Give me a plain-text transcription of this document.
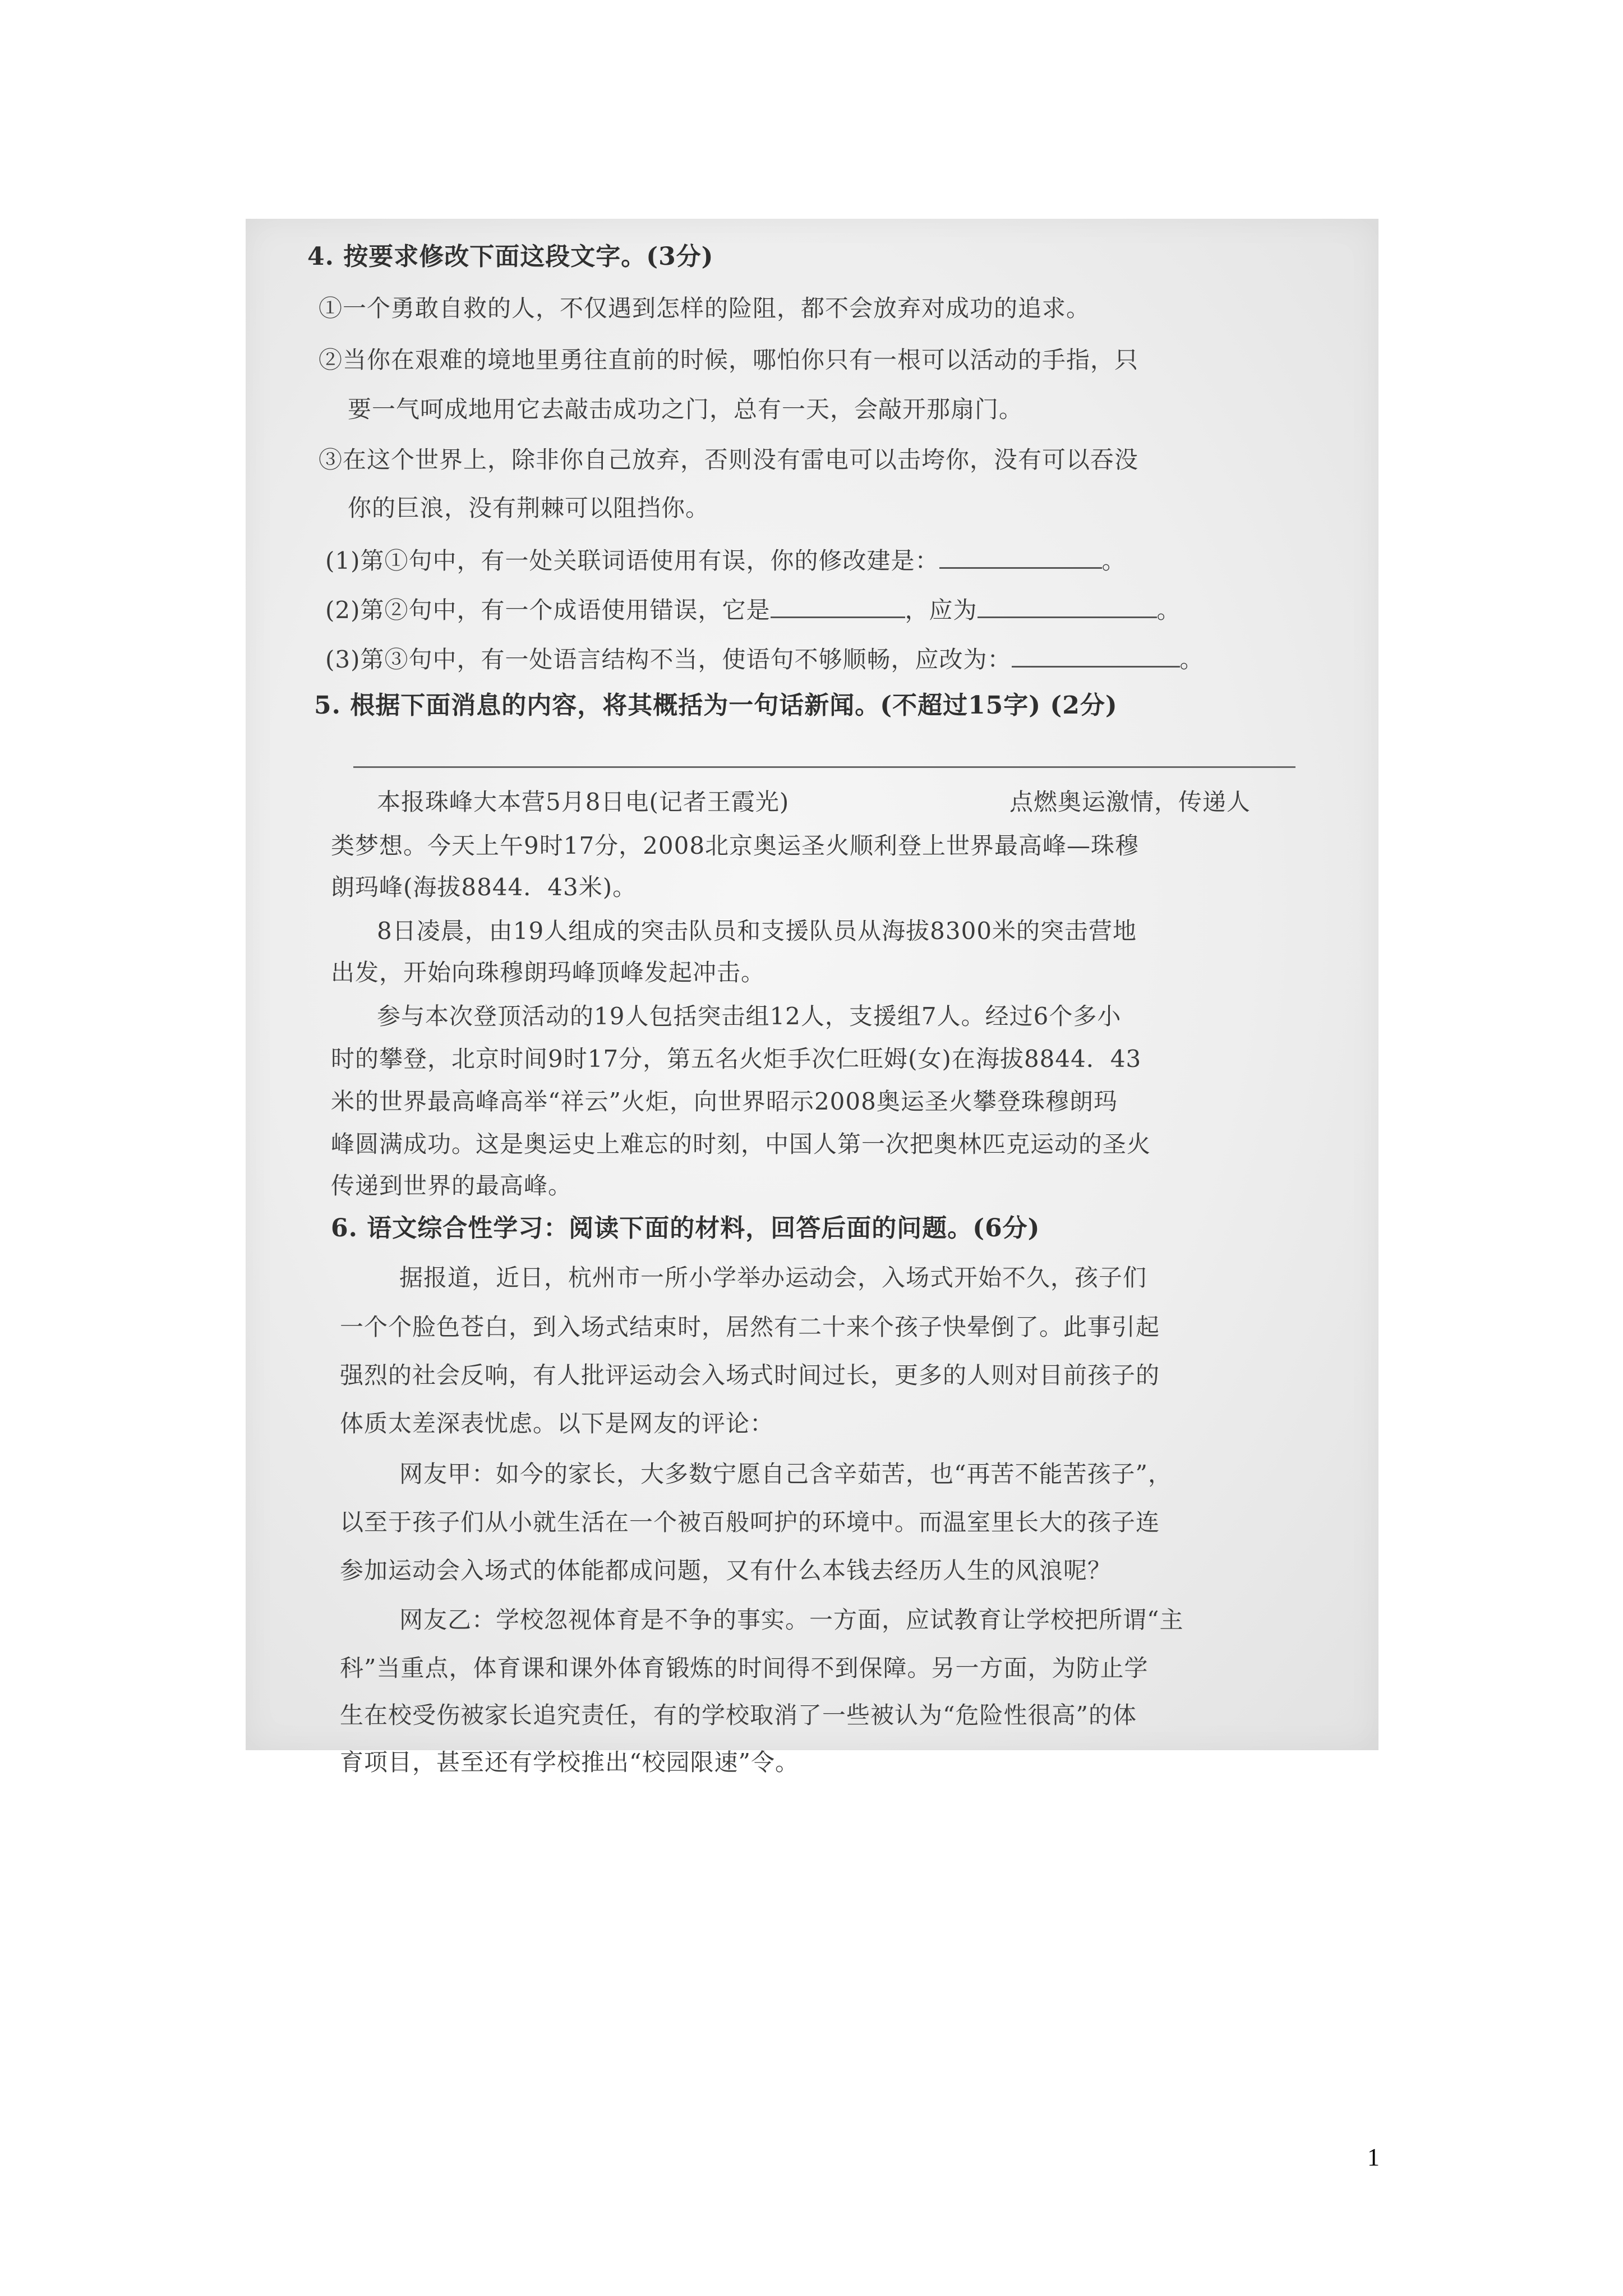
4. 按要求修改下面这段文字。(3分)
①一个勇敢自救的人，不仅遇到怎样的险阻，都不会放弃对成功的追求。
②当你在艰难的境地里勇往直前的时候，哪怕你只有一根可以活动的手指，只
要一气呵成地用它去敲击成功之门，总有一天，会敲开那扇门。
③在这个世界上，除非你自己放弃，否则没有雷电可以击垮你，没有可以吞没
你的巨浪，没有荆棘可以阻挡你。
(1)第①句中，有一处关联词语使用有误，你的修改建是：	。
(2)第②句中，有一个成语使用错误，它是	，应为	。
(3)第③句中，有一处语言结构不当，使语句不够顺畅，应改为：	。
5. 根据下面消息的内容，将其概括为一句话新闻。(不超过15字) (2分)
本报珠峰大本营5月8日电(记者王霞光)	点燃奥运激情，传递人
类梦想。今天上午9时17分，2008北京奥运圣火顺利登上世界最高峰—珠穆
朗玛峰(海拔8844．43米)。
8日凌晨，由19人组成的突击队员和支援队员从海拔8300米的突击营地
出发，开始向珠穆朗玛峰顶峰发起冲击。
参与本次登顶活动的19人包括突击组12人，支援组7人。经过6个多小
时的攀登，北京时间9时17分，第五名火炬手次仁旺姆(女)在海拔8844．43
米的世界最高峰高举“祥云”火炬，向世界昭示2008奥运圣火攀登珠穆朗玛
峰圆满成功。这是奥运史上难忘的时刻，中国人第一次把奥林匹克运动的圣火
传递到世界的最高峰。
6. 语文综合性学习：阅读下面的材料，回答后面的问题。(6分)
据报道，近日，杭州市一所小学举办运动会，入场式开始不久，孩子们
一个个脸色苍白，到入场式结束时，居然有二十来个孩子快晕倒了。此事引起
强烈的社会反响，有人批评运动会入场式时间过长，更多的人则对目前孩子的
体质太差深表忧虑。以下是网友的评论：
网友甲：如今的家长，大多数宁愿自己含辛茹苦，也“再苦不能苦孩子”，
以至于孩子们从小就生活在一个被百般呵护的环境中。而温室里长大的孩子连
参加运动会入场式的体能都成问题，又有什么本钱去经历人生的风浪呢？
网友乙：学校忽视体育是不争的事实。一方面，应试教育让学校把所谓“主
科”当重点，体育课和课外体育锻炼的时间得不到保障。另一方面，为防止学
生在校受伤被家长追究责任，有的学校取消了一些被认为“危险性很高”的体
育项目，甚至还有学校推出“校园限速”令。
1
